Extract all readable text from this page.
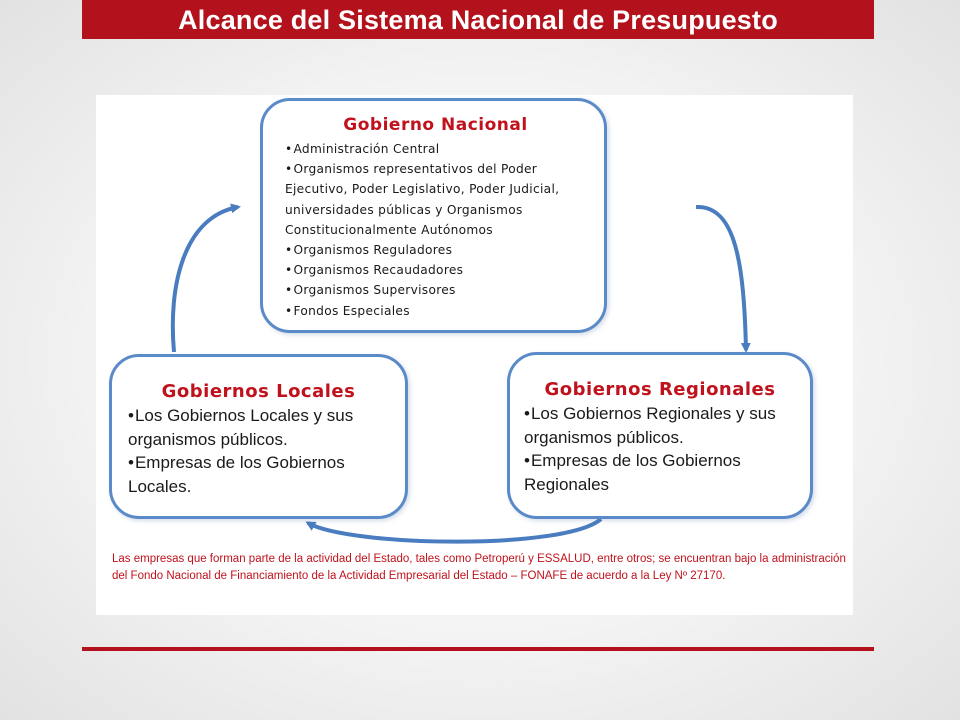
Alcance del Sistema Nacional de Presupuesto
Gobierno Nacional
• Administración Central
• Organismos representativos del Poder Ejecutivo, Poder Legislativo, Poder Judicial, universidades públicas y Organismos Constitucionalmente Autónomos
• Organismos Reguladores
• Organismos Recaudadores
• Organismos Supervisores
• Fondos Especiales
Gobiernos Locales
• Los Gobiernos Locales y sus organismos públicos.
• Empresas de los Gobiernos Locales.
Gobiernos Regionales
• Los Gobiernos Regionales y sus organismos públicos.
• Empresas de los Gobiernos Regionales
Las empresas que forman parte de la actividad del Estado, tales como Petroperú y ESSALUD, entre otros; se encuentran bajo la administración del Fondo Nacional de Financiamiento de la Actividad Empresarial del Estado – FONAFE de acuerdo a la Ley Nº 27170.
